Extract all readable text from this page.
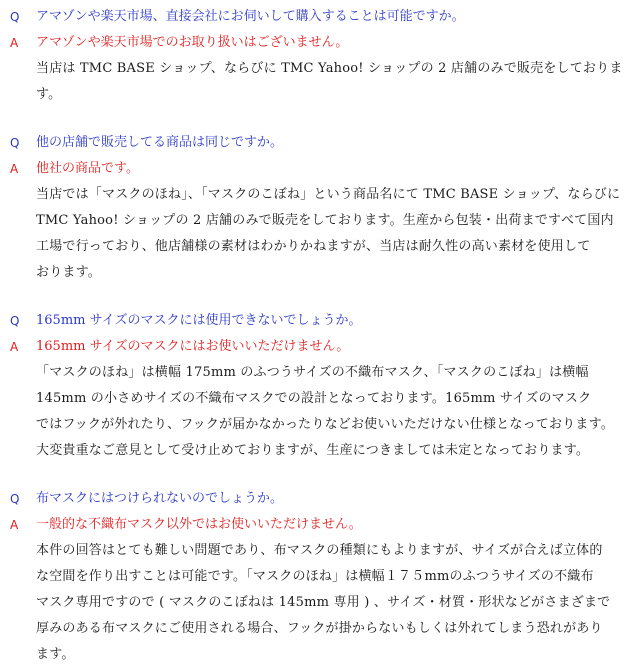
Q	アマゾンや楽天市場、直接会社にお伺いして購入することは可能ですか。
A	アマゾンや楽天市場でのお取り扱いはございません。
当店は TMC BASE ショップ、ならびに TMC Yahoo! ショップの 2 店舗のみで販売をしております。
Q	他の店舗で販売してる商品は同じですか。
A	他社の商品です。
当店では「マスクのほね」、「マスクのこぼね」という商品名にて TMC BASE ショップ、ならびに
TMC Yahoo! ショップの 2 店舗のみで販売をしております。生産から包装・出荷まですべて国内
工場で行っており、他店舗様の素材はわかりかねますが、当店は耐久性の高い素材を使用して
おります。
Q	165mm サイズのマスクには使用できないでしょうか。
A	165mm サイズのマスクにはお使いいただけません。
「マスクのほね」は横幅 175mm のふつうサイズの不織布マスク、「マスクのこぼね」は横幅
145mm の小さめサイズの不織布マスクでの設計となっております。165mm サイズのマスク
ではフックが外れたり、フックが届かなかったりなどお使いいただけない仕様となっております。
大変貴重なご意見として受け止めておりますが、生産につきましては未定となっております。
Q	布マスクにはつけられないのでしょうか。
A	一般的な不織布マスク以外ではお使いいただけません。
本件の回答はとても難しい問題であり、布マスクの種類にもよりますが、サイズが合えば立体的
な空間を作り出すことは可能です。「マスクのほね」は横幅１７５mmのふつうサイズの不織布
マスク専用ですので ( マスクのこぼねは 145mm 専用 ) 、サイズ・材質・形状などがさまざまで
厚みのある布マスクにご使用される場合、フックが掛からないもしくは外れてしまう恐れがあり
ます。
